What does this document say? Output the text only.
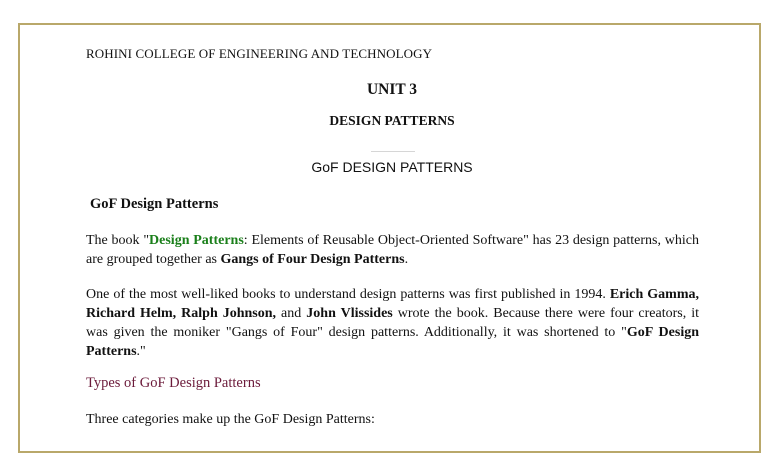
ROHINI COLLEGE OF ENGINEERING AND TECHNOLOGY
UNIT 3
DESIGN PATTERNS
GoF DESIGN PATTERNS
GoF Design Patterns
The book "Design Patterns: Elements of Reusable Object-Oriented Software" has 23 design patterns, which are grouped together as Gangs of Four Design Patterns.
One of the most well-liked books to understand design patterns was first published in 1994. Erich Gamma, Richard Helm, Ralph Johnson, and John Vlissides wrote the book. Because there were four creators, it was given the moniker "Gangs of Four" design patterns. Additionally, it was shortened to "GoF Design Patterns."
Types of GoF Design Patterns
Three categories make up the GoF Design Patterns:
